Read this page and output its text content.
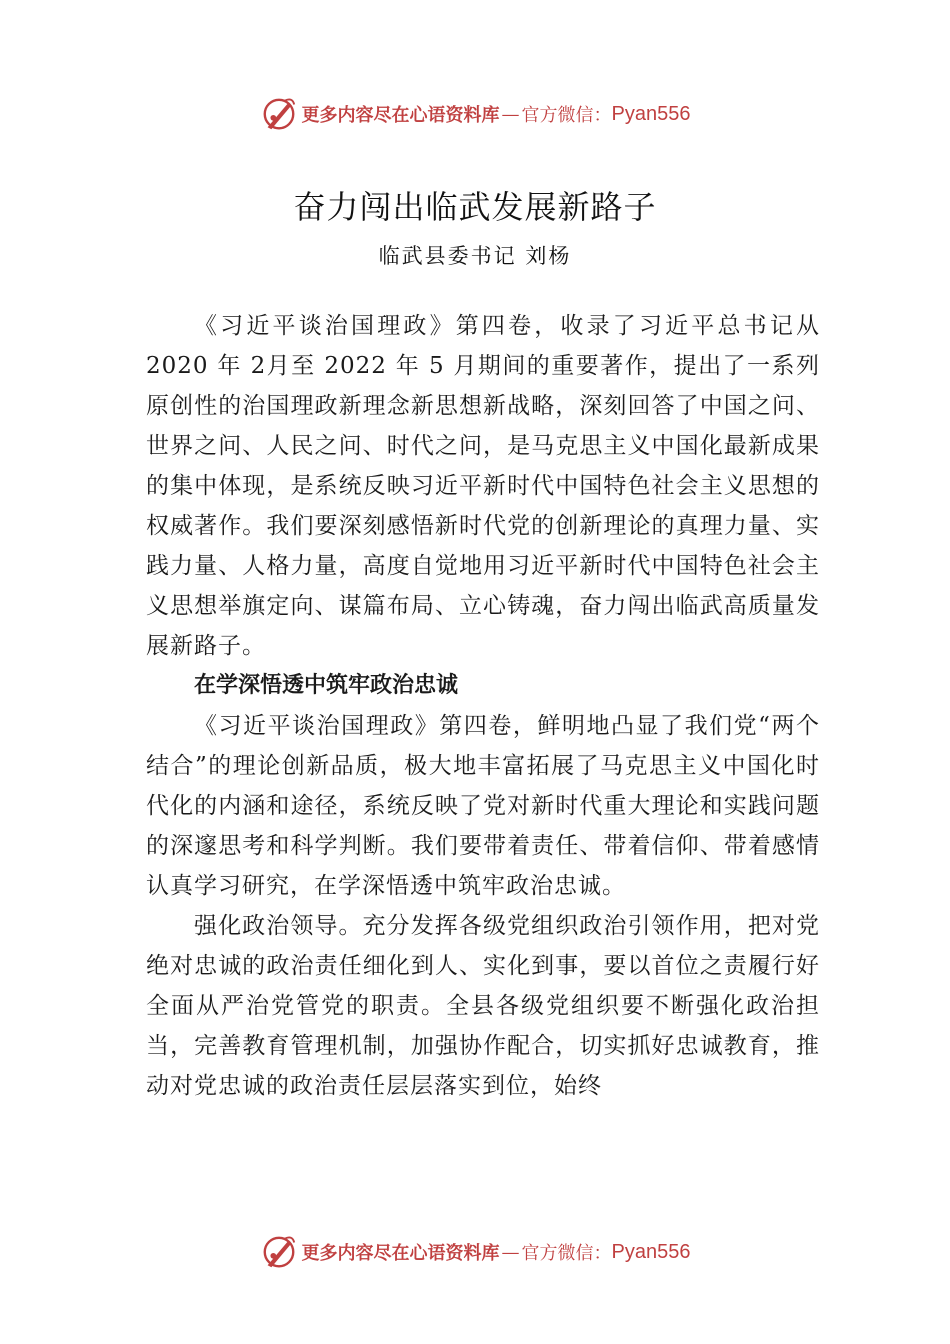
更多内容尽在心语资料库 — 官方微信： Pyan556
奋力闯出临武发展新路子
临武县委书记 刘杨

《习近平谈治国理政》第四卷，收录了习近平总书记从2020 年 2月至 2022 年 5 月期间的重要著作，提出了一系列原创性的治国理政新理念新思想新战略，深刻回答了中国之问、世界之问、人民之问、时代之问，是马克思主义中国化最新成果的集中体现，是系统反映习近平新时代中国特色社会主义思想的权威著作。我们要深刻感悟新时代党的创新理论的真理力量、实践力量、人格力量，高度自觉地用习近平新时代中国特色社会主义思想举旗定向、谋篇布局、立心铸魂，奋力闯出临武高质量发展新路子。

在学深悟透中筑牢政治忠诚

《习近平谈治国理政》第四卷，鲜明地凸显了我们党“两个结合”的理论创新品质，极大地丰富拓展了马克思主义中国化时代化的内涵和途径，系统反映了党对新时代重大理论和实践问题的深邃思考和科学判断。我们要带着责任、带着信仰、带着感情认真学习研究，在学深悟透中筑牢政治忠诚。

强化政治领导。充分发挥各级党组织政治引领作用，把对党绝对忠诚的政治责任细化到人、实化到事，要以首位之责履行好全面从严治党管党的职责。全县各级党组织要不断强化政治担当，完善教育管理机制，加强协作配合，切实抓好忠诚教育，推动对党忠诚的政治责任层层落实到位，始终

更多内容尽在心语资料库 — 官方微信： Pyan556
